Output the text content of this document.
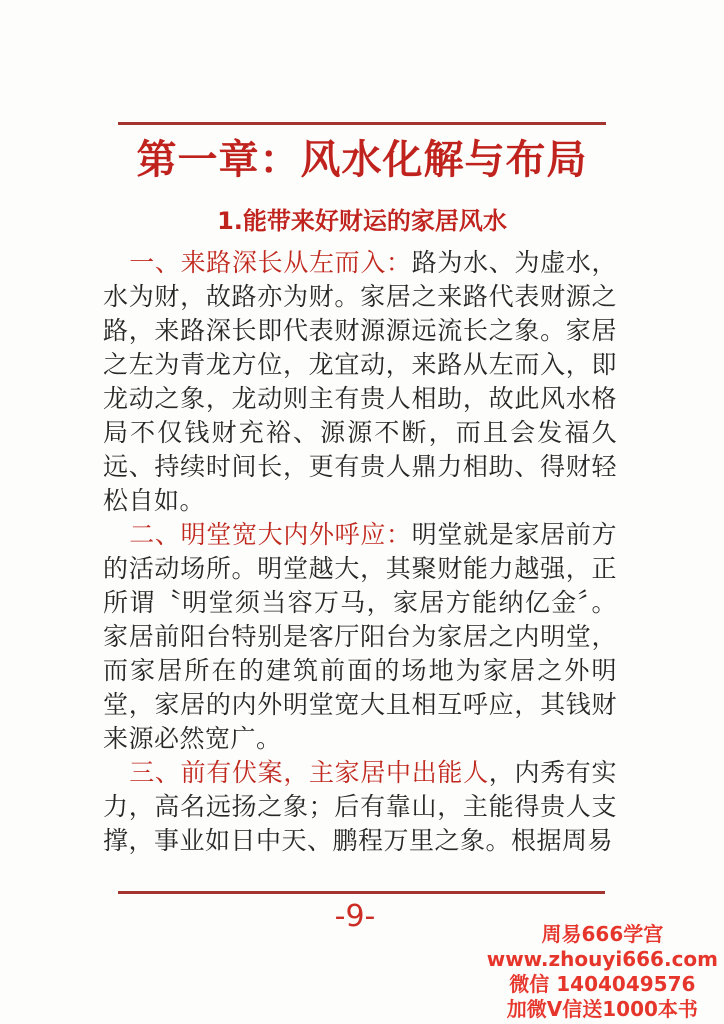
第一章：风水化解与布局
1.能带来好财运的家居风水

一、来路深长从左而入：路为水、为虚水，水为财，故路亦为财。家居之来路代表财源之路，来路深长即代表财源源远流长之象。家居之左为青龙方位，龙宜动，来路从左而入，即龙动之象，龙动则主有贵人相助，故此风水格局不仅钱财充裕、源源不断，而且会发福久远、持续时间长，更有贵人鼎力相助、得财轻松自如。

二、明堂宽大内外呼应：明堂就是家居前方的活动场所。明堂越大，其聚财能力越强，正所谓〝明堂须当容万马，家居方能纳亿金〞。家居前阳台特别是客厅阳台为家居之内明堂，而家居所在的建筑前面的场地为家居之外明堂，家居的内外明堂宽大且相互呼应，其钱财来源必然宽广。

三、前有伏案，主家居中出能人，内秀有实力，高名远扬之象；后有靠山，主能得贵人支撑，事业如日中天、鹏程万里之象。根据周易

-9-	周易666学宫
www.zhouyi666.com
微信 1404049576
加微V信送1000本书
